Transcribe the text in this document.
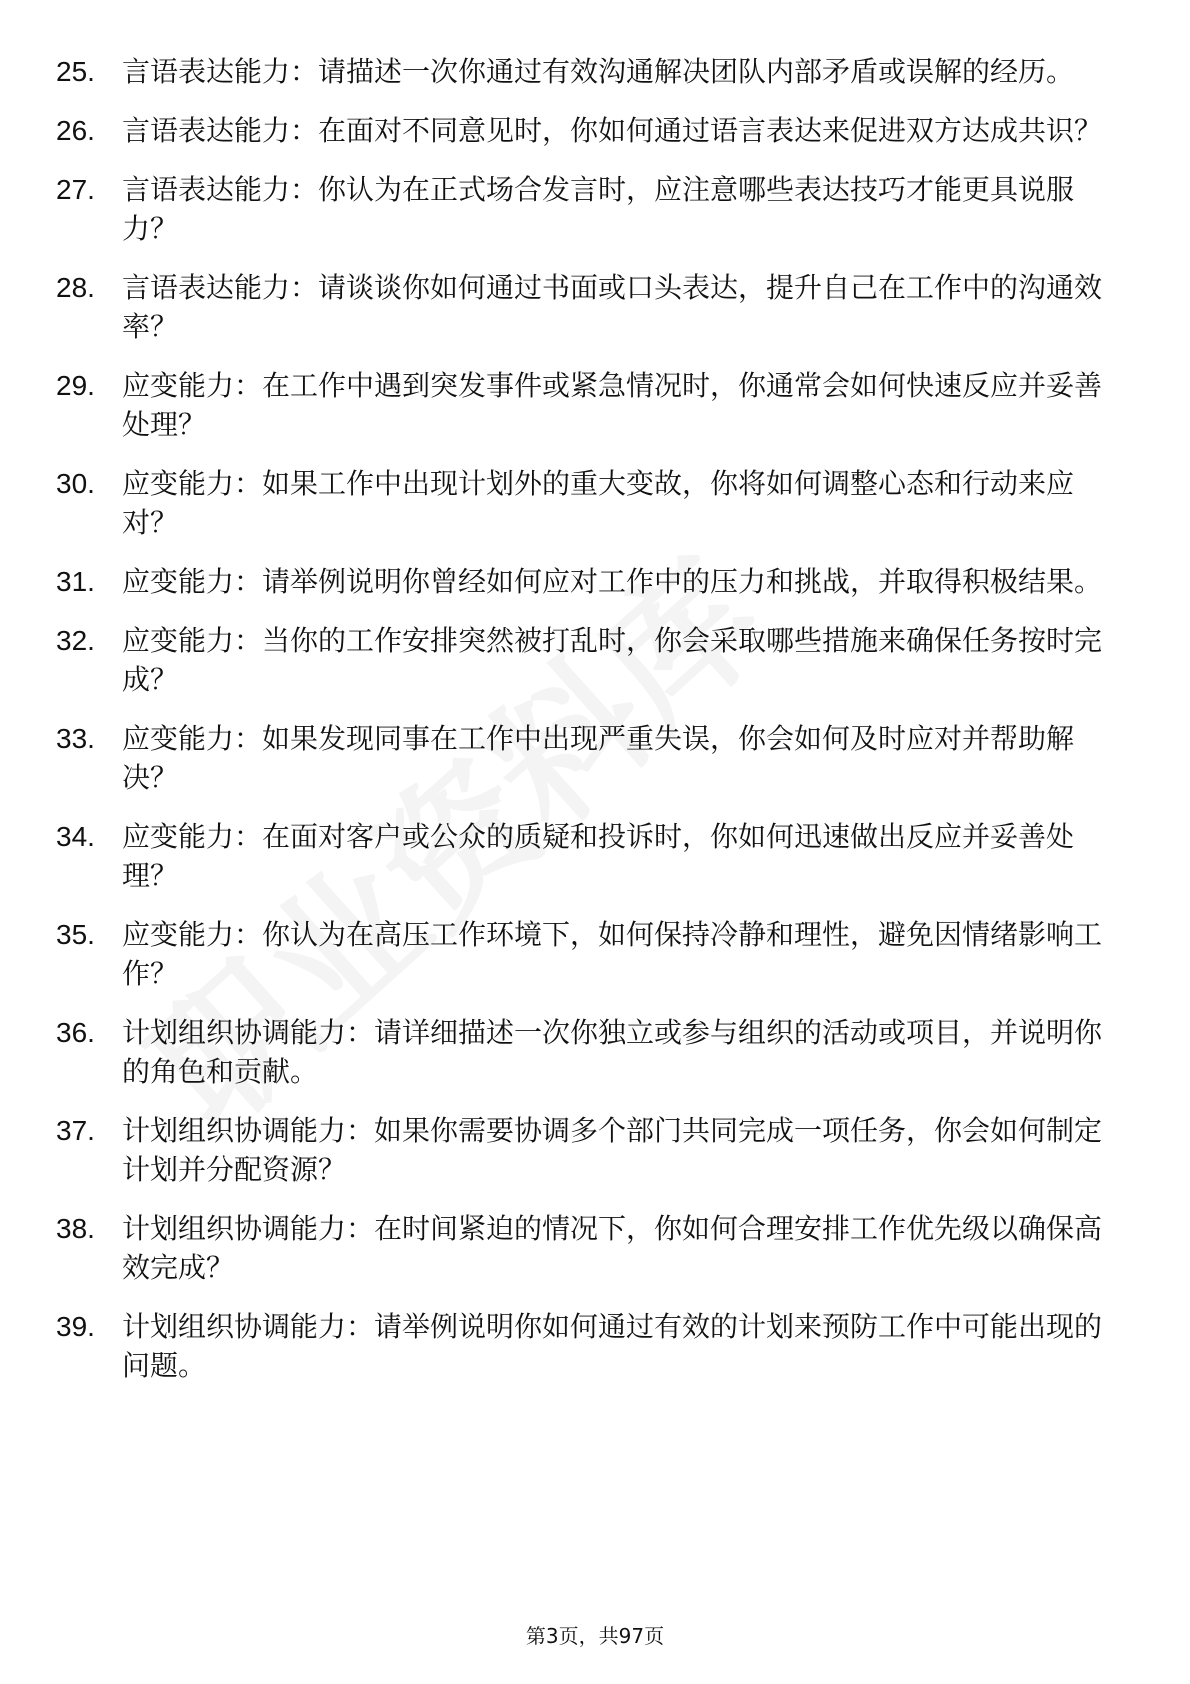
25. 言语表达能力：请描述一次你通过有效沟通解决团队内部矛盾或误解的经历。
26. 言语表达能力：在面对不同意见时，你如何通过语言表达来促进双方达成共识？
27. 言语表达能力：你认为在正式场合发言时，应注意哪些表达技巧才能更具说服力？
28. 言语表达能力：请谈谈你如何通过书面或口头表达，提升自己在工作中的沟通效率？
29. 应变能力：在工作中遇到突发事件或紧急情况时，你通常会如何快速反应并妥善处理？
30. 应变能力：如果工作中出现计划外的重大变故，你将如何调整心态和行动来应对？
31. 应变能力：请举例说明你曾经如何应对工作中的压力和挑战，并取得积极结果。
32. 应变能力：当你的工作安排突然被打乱时，你会采取哪些措施来确保任务按时完成？
33. 应变能力：如果发现同事在工作中出现严重失误，你会如何及时应对并帮助解决？
34. 应变能力：在面对客户或公众的质疑和投诉时，你如何迅速做出反应并妥善处理？
35. 应变能力：你认为在高压工作环境下，如何保持冷静和理性，避免因情绪影响工作？
36. 计划组织协调能力：请详细描述一次你独立或参与组织的活动或项目，并说明你的角色和贡献。
37. 计划组织协调能力：如果你需要协调多个部门共同完成一项任务，你会如何制定计划并分配资源？
38. 计划组织协调能力：在时间紧迫的情况下，你如何合理安排工作优先级以确保高效完成？
39. 计划组织协调能力：请举例说明你如何通过有效的计划来预防工作中可能出现的问题。
第3页，共97页
